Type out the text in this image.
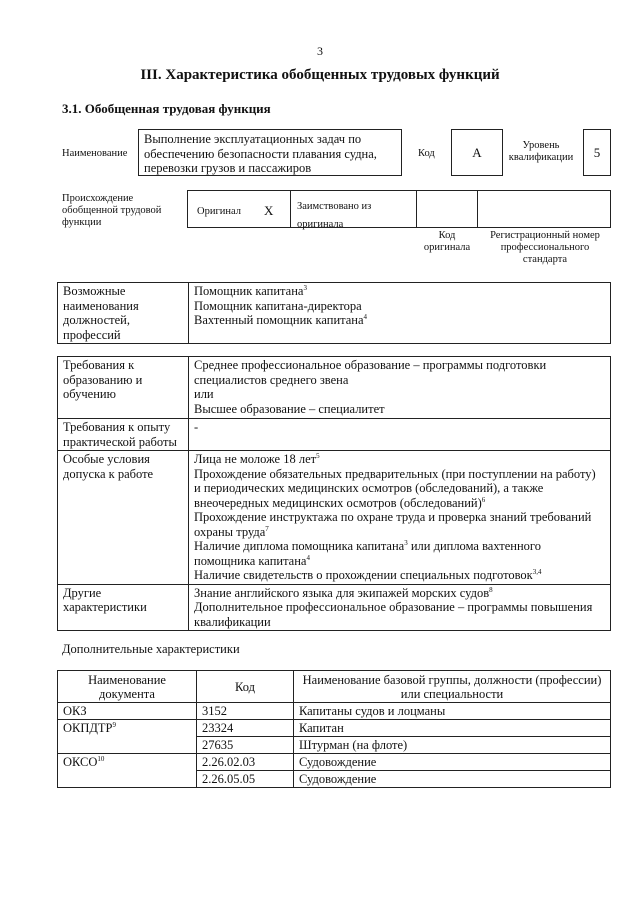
3
III. Характеристика обобщенных трудовых функций
3.1. Обобщенная трудовая функция
Наименование
Выполнение эксплуатационных задач по обеспечению безопасности плавания судна, перевозки грузов и пассажиров
Код	A	Уровень квалификации	5
Происхождение обобщенной трудовой функции
Оригинал X	Заимствовано из оригинала
Код оригинала
Регистрационный номер профессионального стандарта
Возможные наименования должностей, профессий	
Помощник капитана$^3$
Помощник капитана-директора
Вахтенный помощник капитана$^4$
Требования к образованию и обучению	Среднее профессиональное образование – программы подготовки специалистов среднего звена
или
Высшее образование – специалитет

Требования к опыту практической работы	-
Особые условия допуска к работе	Лица не моложе 18 лет$^5$
Прохождение обязательных предварительных (при поступлении на работу) и периодических медицинских осмотров (обследований), а также внеочередных медицинских осмотров (обследований)$^6$
Прохождение инструктажа по охране труда и проверка знаний требований охраны труда$^7$
Наличие диплома помощника капитана$^3$ или диплома вахтенного помощника капитана$^4$
Наличие свидетельств о прохождении специальных подготовок$^{3,4}$

Другие характеристики	Знание английского языка для экипажей морских судов$^8$
Дополнительное профессиональное образование – программы повышения квалификации
Дополнительные характеристики
Наименование документа	Код	Наименование базовой группы, должности (профессии) или специальности
ОКЗ	3152	Капитаны судов и лоцманы
ОКПДТР$^9$	23324	Капитан
	27635	Штурман (на флоте)
ОКСО$^{10}$	2.26.02.03	Судовождение
	2.26.05.05	Судовождение
